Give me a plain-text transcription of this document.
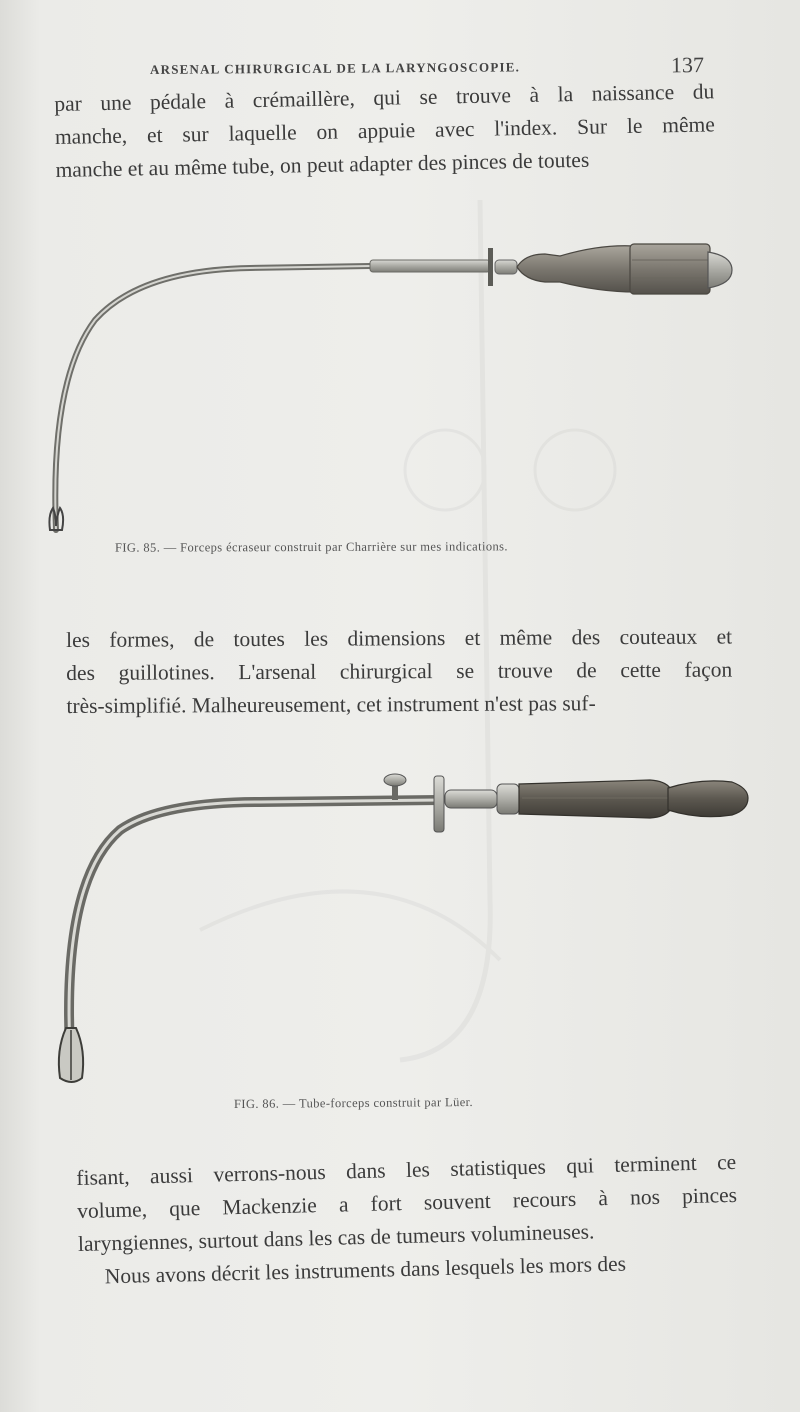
ARSENAL CHIRURGICAL DE LA LARYNGOSCOPIE.	137

par une pédale à crémaillère, qui se trouve à la naissance du
manche, et sur laquelle on appuie avec l'index. Sur le même
manche et au même tube, on peut adapter des pinces de toutes

FIG. 85. — Forceps écraseur construit par Charrière sur mes indications.

les formes, de toutes les dimensions et même des couteaux et
des guillotines. L'arsenal chirurgical se trouve de cette façon
très-simplifié. Malheureusement, cet instrument n'est pas suf-

FIG. 86. — Tube-forceps construit par Lüer.

fisant, aussi verrons-nous dans les statistiques qui terminent ce
volume, que Mackenzie a fort souvent recours à nos pinces
laryngiennes, surtout dans les cas de tumeurs volumineuses.
Nous avons décrit les instruments dans lesquels les mors des
